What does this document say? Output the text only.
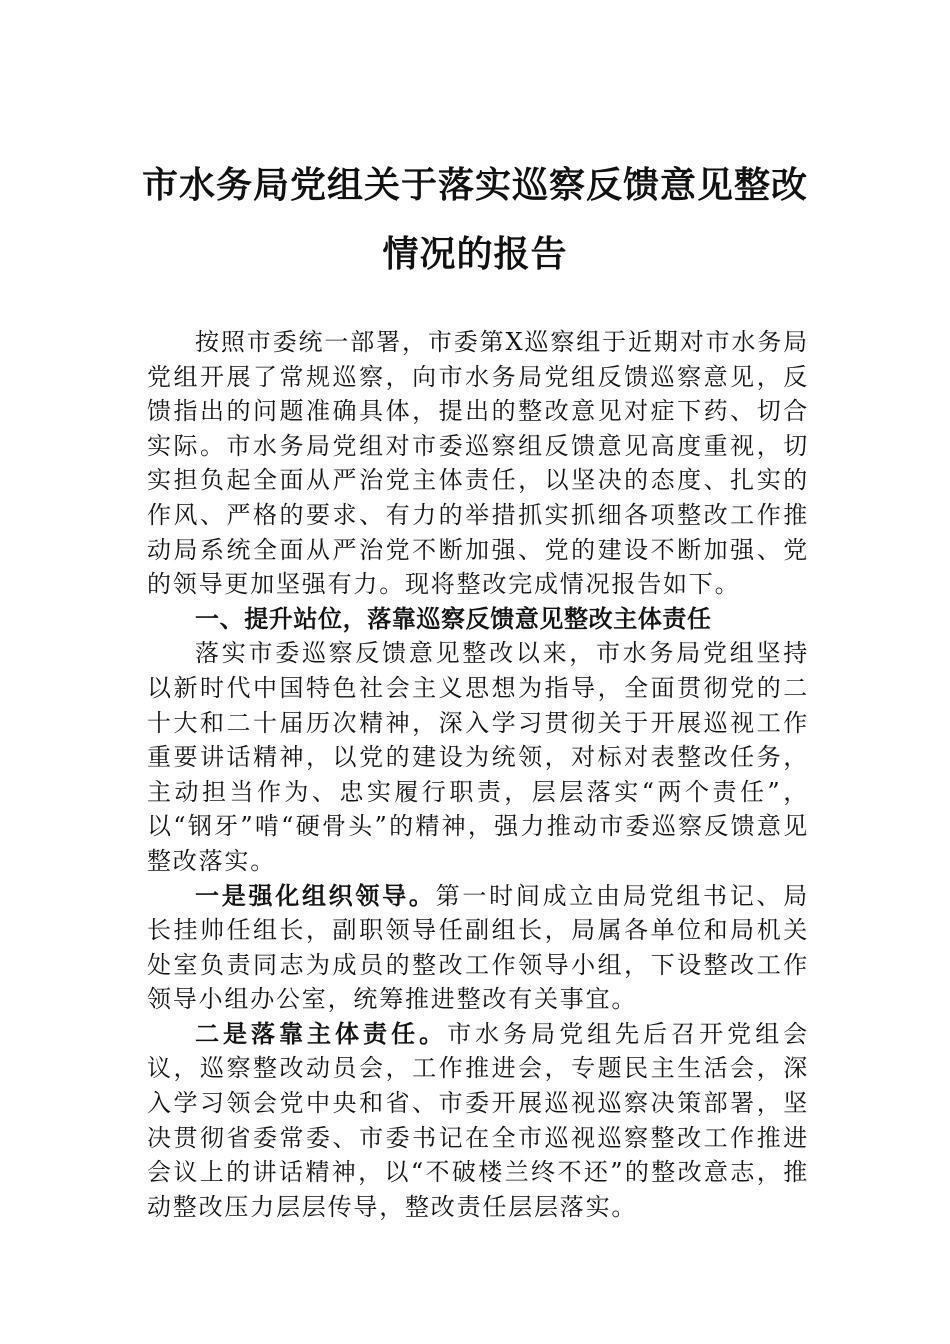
市水务局党组关于落实巡察反馈意见整改
情况的报告

按照市委统一部署，市委第X巡察组于近期对市水务局党组开展了常规巡察，向市水务局党组反馈巡察意见，反馈指出的问题准确具体，提出的整改意见对症下药、切合实际。市水务局党组对市委巡察组反馈意见高度重视，切实担负起全面从严治党主体责任，以坚决的态度、扎实的作风、严格的要求、有力的举措抓实抓细各项整改工作推动局系统全面从严治党不断加强、党的建设不断加强、党的领导更加坚强有力。现将整改完成情况报告如下。

一、提升站位，落靠巡察反馈意见整改主体责任

落实市委巡察反馈意见整改以来，市水务局党组坚持以新时代中国特色社会主义思想为指导，全面贯彻党的二十大和二十届历次精神，深入学习贯彻关于开展巡视工作重要讲话精神，以党的建设为统领，对标对表整改任务，主动担当作为、忠实履行职责，层层落实“两个责任”，以“钢牙”啃“硬骨头”的精神，强力推动市委巡察反馈意见整改落实。

一是强化组织领导。第一时间成立由局党组书记、局长挂帅任组长，副职领导任副组长，局属各单位和局机关处室负责同志为成员的整改工作领导小组，下设整改工作领导小组办公室，统筹推进整改有关事宜。

二是落靠主体责任。市水务局党组先后召开党组会议，巡察整改动员会，工作推进会，专题民主生活会，深入学习领会党中央和省、市委开展巡视巡察决策部署，坚决贯彻省委常委、市委书记在全市巡视巡察整改工作推进会议上的讲话精神，以“不破楼兰终不还”的整改意志，推动整改压力层层传导，整改责任层层落实。
